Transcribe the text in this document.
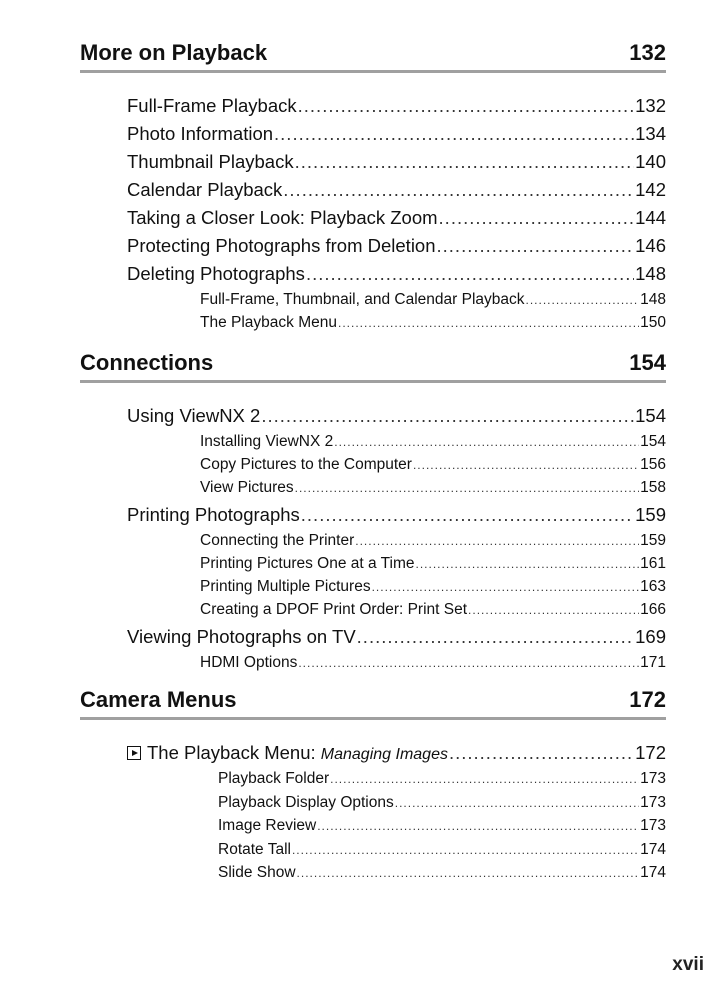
More on Playback	132
Full-Frame Playback .....	132
Photo Information .....	134
Thumbnail Playback .....	140
Calendar Playback .....	142
Taking a Closer Look: Playback Zoom .....	144
Protecting Photographs from Deletion .....	146
Deleting Photographs .....	148
Full-Frame, Thumbnail, and Calendar Playback .....	148
The Playback Menu .....	150
Connections	154
Using ViewNX 2 .....	154
Installing ViewNX 2 .....	154
Copy Pictures to the Computer .....	156
View Pictures .....	158
Printing Photographs .....	159
Connecting the Printer .....	159
Printing Pictures One at a Time .....	161
Printing Multiple Pictures .....	163
Creating a DPOF Print Order: Print Set .....	166
Viewing Photographs on TV .....	169
HDMI Options .....	171
Camera Menus	172
The Playback Menu: Managing Images .....	172
Playback Folder .....	173
Playback Display Options .....	173
Image Review .....	173
Rotate Tall .....	174
Slide Show .....	174
xvii
